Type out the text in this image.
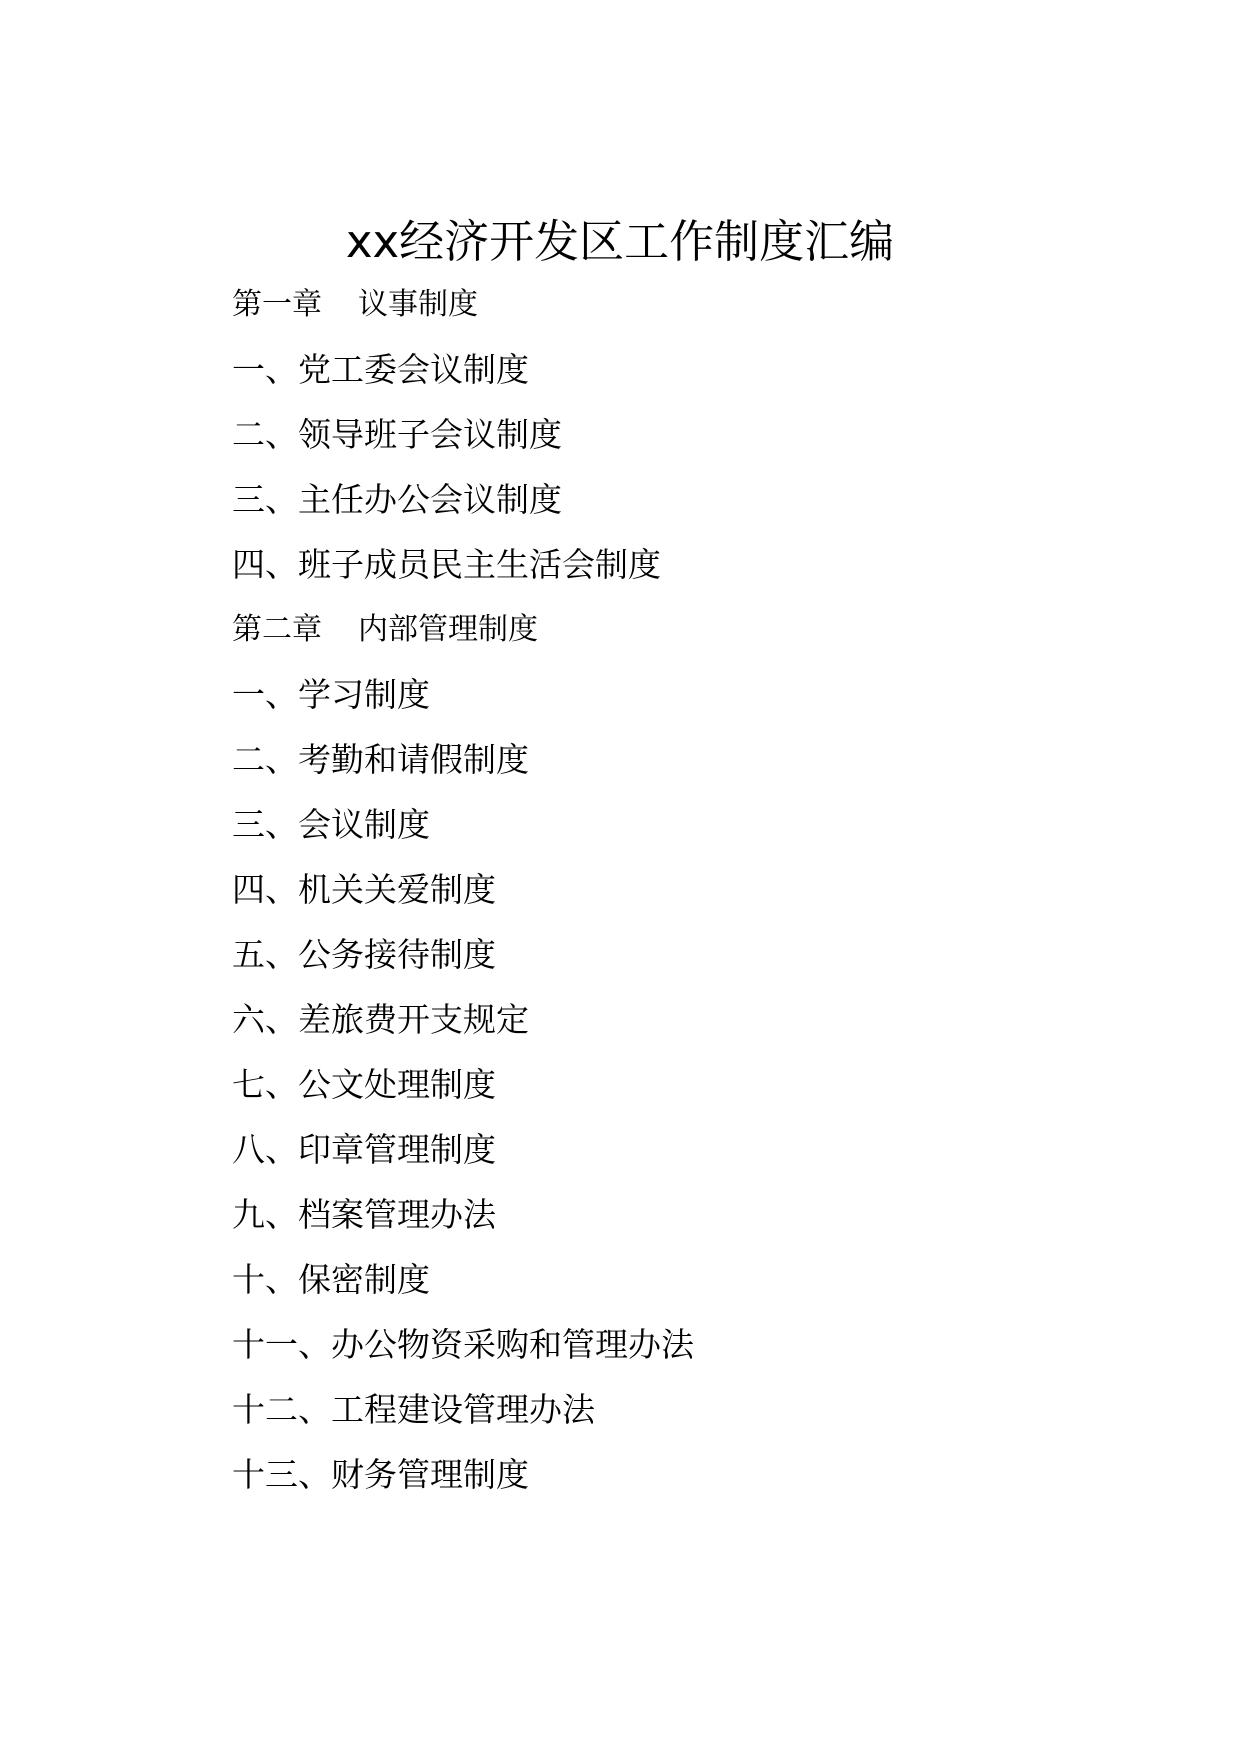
xx经济开发区工作制度汇编
第一章 议事制度
一、党工委会议制度
二、领导班子会议制度
三、主任办公会议制度
四、班子成员民主生活会制度
第二章 内部管理制度
一、学习制度
二、考勤和请假制度
三、会议制度
四、机关关爱制度
五、公务接待制度
六、差旅费开支规定
七、公文处理制度
八、印章管理制度
九、档案管理办法
十、保密制度
十一、办公物资采购和管理办法
十二、工程建设管理办法
十三、财务管理制度
